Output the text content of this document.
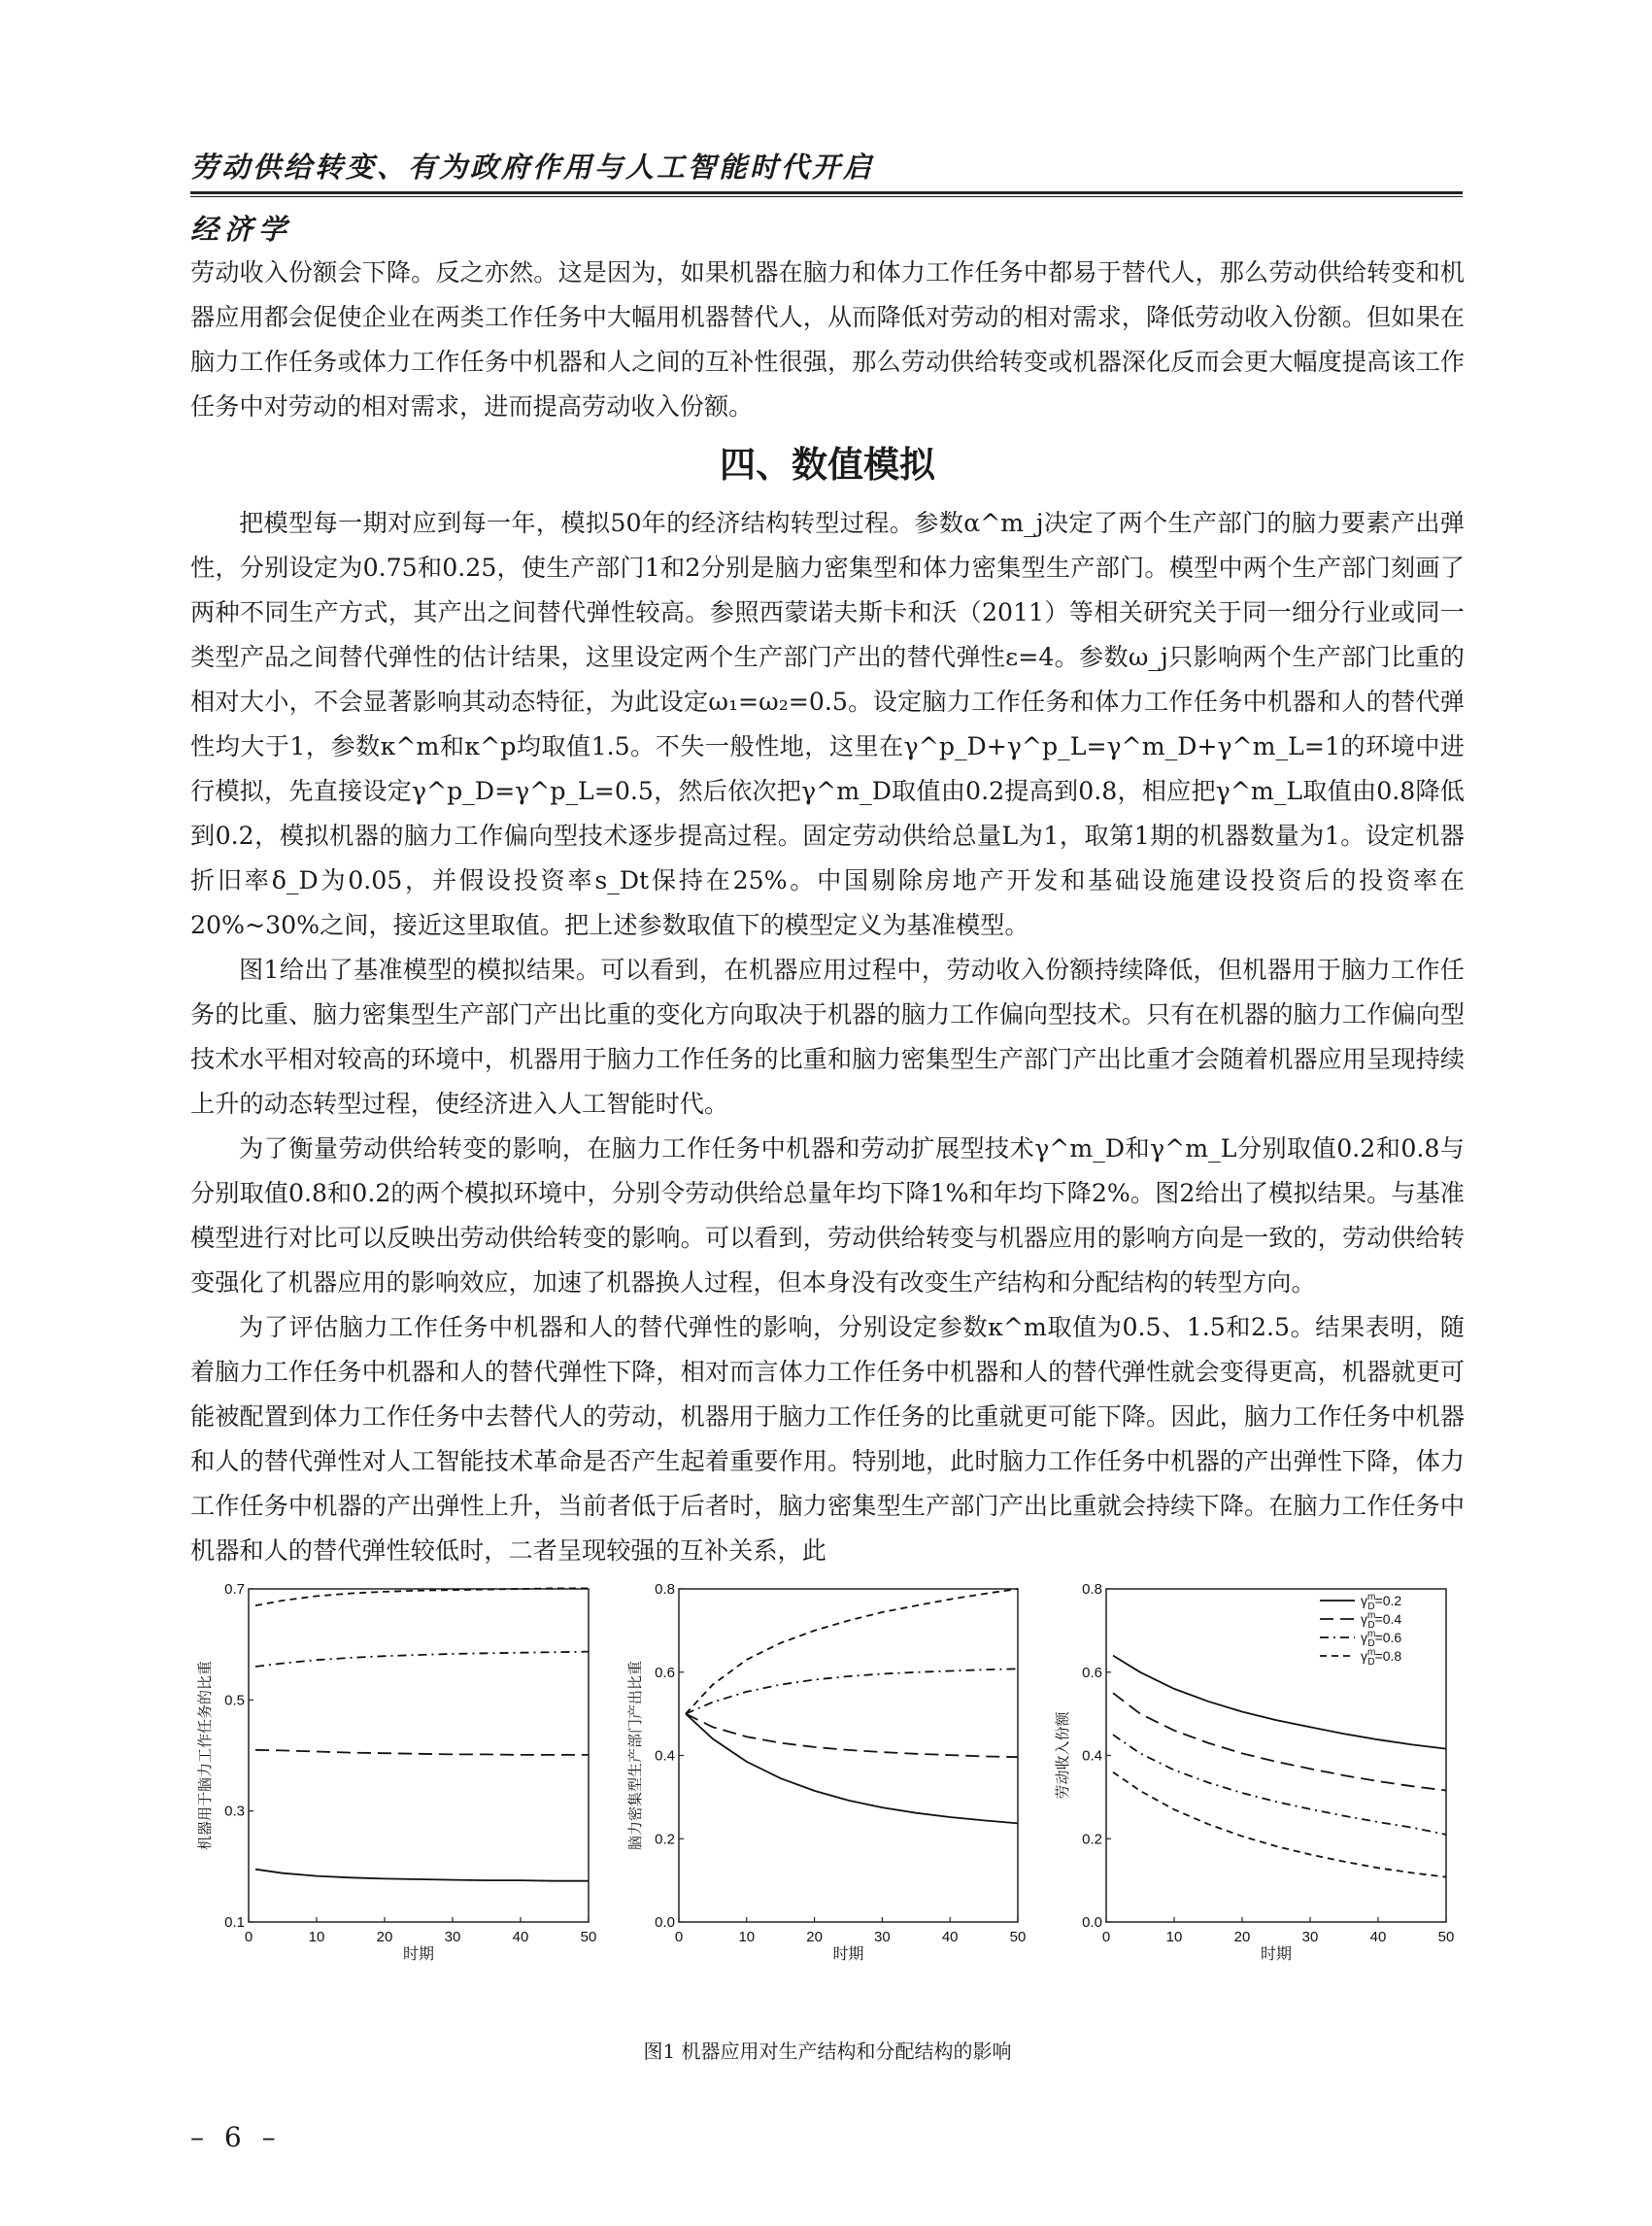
劳动供给转变、有为政府作用与人工智能时代开启
经济学

劳动收入份额会下降。反之亦然。这是因为，如果机器在脑力和体力工作任务中都易于替代人，那么劳动供给转变和机器应用都会促使企业在两类工作任务中大幅用机器替代人，从而降低对劳动的相对需求，降低劳动收入份额。但如果在脑力工作任务或体力工作任务中机器和人之间的互补性很强，那么劳动供给转变或机器深化反而会更大幅度提高该工作任务中对劳动的相对需求，进而提高劳动收入份额。

四、数值模拟

把模型每一期对应到每一年，模拟50年的经济结构转型过程。参数α^m_j决定了两个生产部门的脑力要素产出弹性，分别设定为0.75和0.25，使生产部门1和2分别是脑力密集型和体力密集型生产部门。模型中两个生产部门刻画了两种不同生产方式，其产出之间替代弹性较高。参照西蒙诺夫斯卡和沃（2011）等相关研究关于同一细分行业或同一类型产品之间替代弹性的估计结果，这里设定两个生产部门产出的替代弹性ε=4。参数ω_j只影响两个生产部门比重的相对大小，不会显著影响其动态特征，为此设定ω₁=ω₂=0.5。设定脑力工作任务和体力工作任务中机器和人的替代弹性均大于1，参数κ^m和κ^p均取值1.5。不失一般性地，这里在γ^p_D+γ^p_L=γ^m_D+γ^m_L=1的环境中进行模拟，先直接设定γ^p_D=γ^p_L=0.5，然后依次把γ^m_D取值由0.2提高到0.8，相应把γ^m_L取值由0.8降低到0.2，模拟机器的脑力工作偏向型技术逐步提高过程。固定劳动供给总量L为1，取第1期的机器数量为1。设定机器折旧率δ_D为0.05，并假设投资率s_Dt保持在25%。中国剔除房地产开发和基础设施建设投资后的投资率在20%~30%之间，接近这里取值。把上述参数取值下的模型定义为基准模型。

图1给出了基准模型的模拟结果。可以看到，在机器应用过程中，劳动收入份额持续降低，但机器用于脑力工作任务的比重、脑力密集型生产部门产出比重的变化方向取决于机器的脑力工作偏向型技术。只有在机器的脑力工作偏向型技术水平相对较高的环境中，机器用于脑力工作任务的比重和脑力密集型生产部门产出比重才会随着机器应用呈现持续上升的动态转型过程，使经济进入人工智能时代。

为了衡量劳动供给转变的影响，在脑力工作任务中机器和劳动扩展型技术γ^m_D和γ^m_L分别取值0.2和0.8与分别取值0.8和0.2的两个模拟环境中，分别令劳动供给总量年均下降1%和年均下降2%。图2给出了模拟结果。与基准模型进行对比可以反映出劳动供给转变的影响。可以看到，劳动供给转变与机器应用的影响方向是一致的，劳动供给转变强化了机器应用的影响效应，加速了机器换人过程，但本身没有改变生产结构和分配结构的转型方向。

为了评估脑力工作任务中机器和人的替代弹性的影响，分别设定参数κ^m取值为0.5、1.5和2.5。结果表明，随着脑力工作任务中机器和人的替代弹性下降，相对而言体力工作任务中机器和人的替代弹性就会变得更高，机器就更可能被配置到体力工作任务中去替代人的劳动，机器用于脑力工作任务的比重就更可能下降。因此，脑力工作任务中机器和人的替代弹性对人工智能技术革命是否产生起着重要作用。特别地，此时脑力工作任务中机器的产出弹性下降，体力工作任务中机器的产出弹性上升，当前者低于后者时，脑力密集型生产部门产出比重就会持续下降。在脑力工作任务中机器和人的替代弹性较低时，二者呈现较强的互补关系，此

0	10	20	30	40	50
0.1
0.3
0.5
0.7
时期
机器用于脑力工作任务的比重
0	10	20	30	40	50
0.0
0.2
0.4
0.6
0.8
时期
脑力密集型生产部门产出比重
0	10	20	30	40	50
0.0
0.2
0.4
0.6
0.8
时期
劳动收入份额
$\gamma^m$ D=0.2
$\gamma^m$ D=0.4
$\gamma^m$ D=0.6
$\gamma^m$ D=0.8
图1 机器应用对生产结构和分配结构的影响
– 6 –
